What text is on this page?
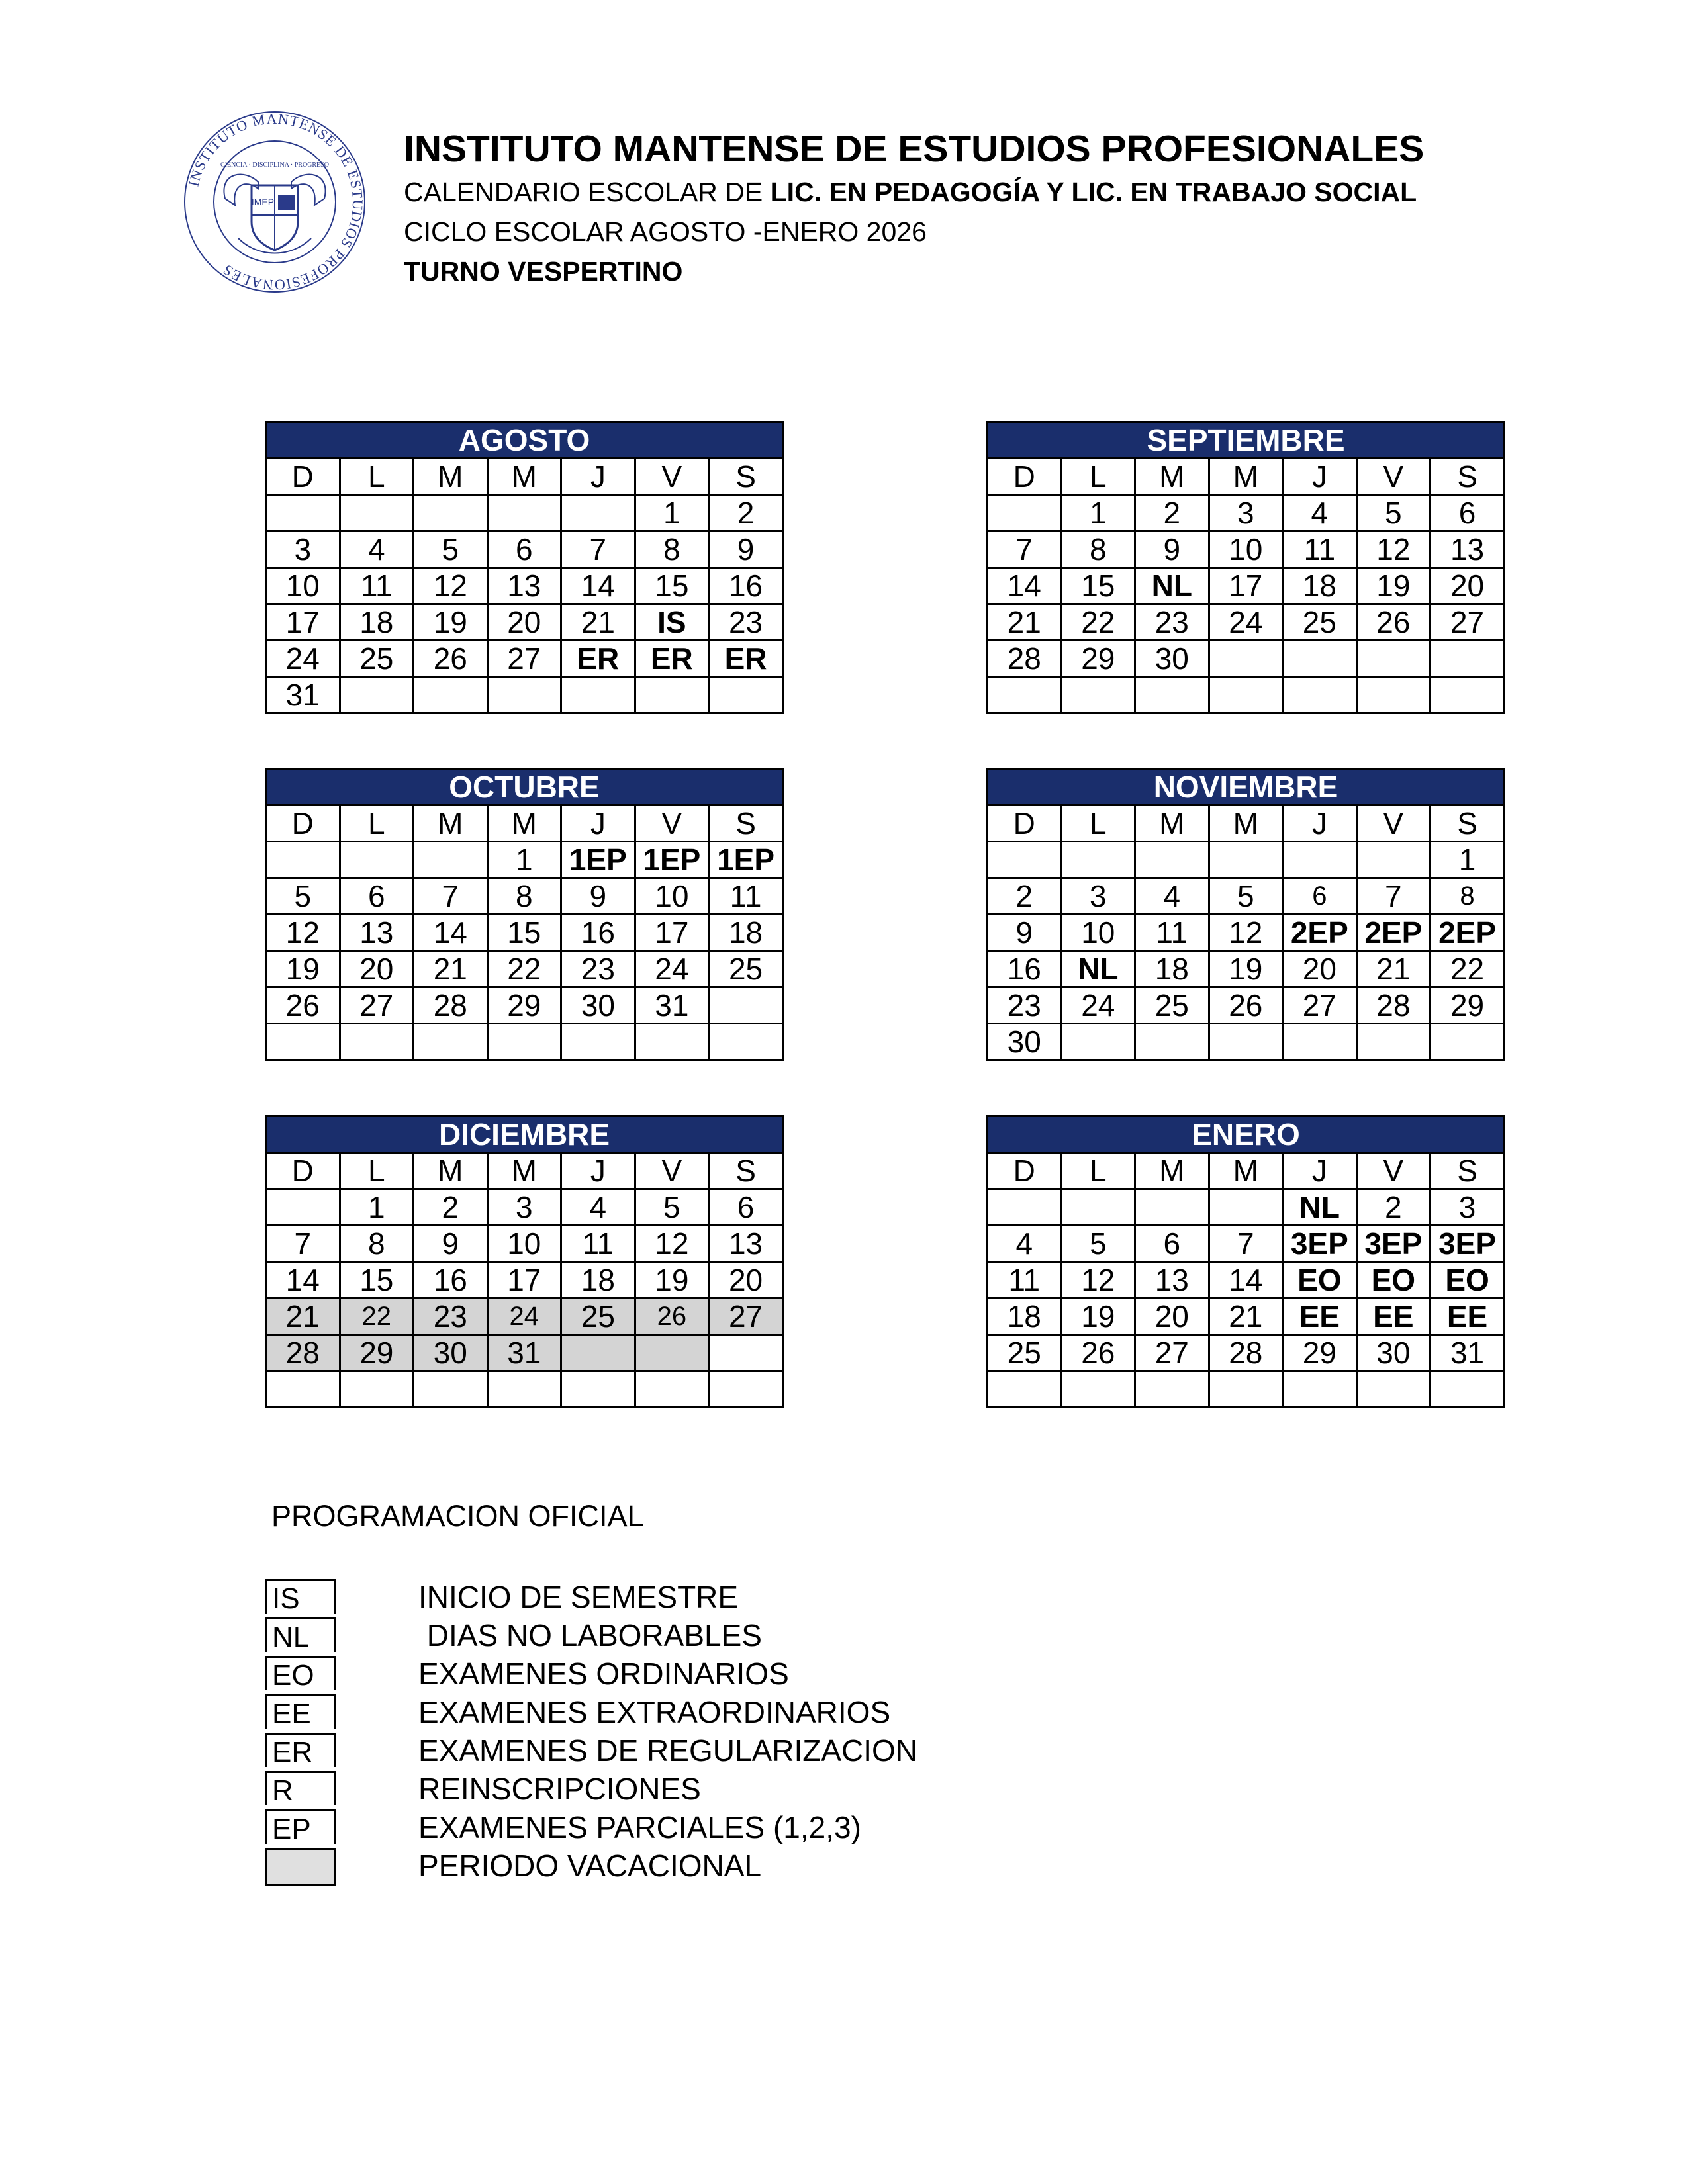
INSTITUTO MANTENSE DE ESTUDIOS PROFESIONALES
CIENCIA · DISCIPLINA · PROGRESO
IMEP
INSTITUTO MANTENSE DE ESTUDIOS PROFESIONALES
CALENDARIO ESCOLAR DE LIC. EN PEDAGOGÍA Y LIC. EN TRABAJO SOCIAL
CICLO ESCOLAR AGOSTO -ENERO 2026
TURNO VESPERTINO
AGOSTO						
D	L	M	M	J	V	S
					1	2
3	4	5	6	7	8	9
10	11	12	13	14	15	16
17	18	19	20	21	IS	23
24	25	26	27	ER	ER	ER
31						
SEPTIEMBRE						
D	L	M	M	J	V	S
	1	2	3	4	5	6
7	8	9	10	11	12	13
14	15	NL	17	18	19	20
21	22	23	24	25	26	27
28	29	30				

OCTUBRE						
D	L	M	M	J	V	S
			1	1EP	1EP	1EP
5	6	7	8	9	10	11
12	13	14	15	16	17	18
19	20	21	22	23	24	25
26	27	28	29	30	31	

NOVIEMBRE						
D	L	M	M	J	V	S
						1
2	3	4	5	6	7	8
9	10	11	12	2EP	2EP	2EP
16	NL	18	19	20	21	22
23	24	25	26	27	28	29
30						
DICIEMBRE						
D	L	M	M	J	V	S
	1	2	3	4	5	6
7	8	9	10	11	12	13
14	15	16	17	18	19	20
21	22	23	24	25	26	27
28	29	30	31			

ENERO						
D	L	M	M	J	V	S
				NL	2	3
4	5	6	7	3EP	3EP	3EP
11	12	13	14	EO	EO	EO
18	19	20	21	EE	EE	EE
25	26	27	28	29	30	31

PROGRAMACION OFICIAL
IS	INICIO DE SEMESTRE
NL	DIAS NO LABORABLES
EO	EXAMENES ORDINARIOS
EE	EXAMENES EXTRAORDINARIOS
ER	EXAMENES DE REGULARIZACION
R	REINSCRIPCIONES
EP	EXAMENES PARCIALES (1,2,3)
PERIODO VACACIONAL
